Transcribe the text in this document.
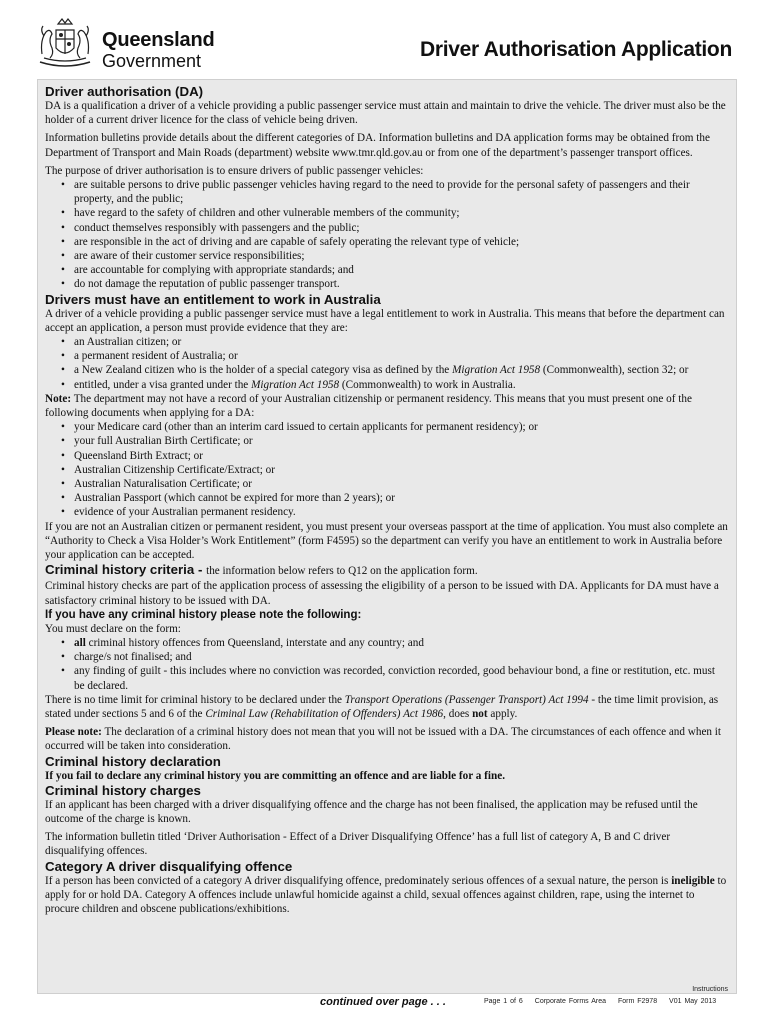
Queensland
Government	Driver Authorisation Application
Driver authorisation (DA)

DA is a qualification a driver of a vehicle providing a public passenger service must attain and maintain to drive the vehicle. The driver must also be the holder of a current driver licence for the class of vehicle being driven.

Information bulletins provide details about the different categories of DA. Information bulletins and DA application forms may be obtained from the Department of Transport and Main Roads (department) website www.tmr.qld.gov.au or from one of the department’s passenger transport offices.

The purpose of driver authorisation is to ensure drivers of public passenger vehicles:

• are suitable persons to drive public passenger vehicles having regard to the need to provide for the personal safety of passengers and their property, and the public;
• have regard to the safety of children and other vulnerable members of the community;
• conduct themselves responsibly with passengers and the public;
• are responsible in the act of driving and are capable of safely operating the relevant type of vehicle;
• are aware of their customer service responsibilities;
• are accountable for complying with appropriate standards; and
• do not damage the reputation of public passenger transport.
Drivers must have an entitlement to work in Australia

A driver of a vehicle providing a public passenger service must have a legal entitlement to work in Australia. This means that before the department can accept an application, a person must provide evidence that they are:

• an Australian citizen; or
• a permanent resident of Australia; or
• a New Zealand citizen who is the holder of a special category visa as defined by the Migration Act 1958 (Commonwealth), section 32; or
• entitled, under a visa granted under the Migration Act 1958 (Commonwealth) to work in Australia.

Note: The department may not have a record of your Australian citizenship or permanent residency. This means that you must present one of the following documents when applying for a DA:

• your Medicare card (other than an interim card issued to certain applicants for permanent residency); or
• your full Australian Birth Certificate; or
• Queensland Birth Extract; or
• Australian Citizenship Certificate/Extract; or
• Australian Naturalisation Certificate; or
• Australian Passport (which cannot be expired for more than 2 years); or
• evidence of your Australian permanent residency.

If you are not an Australian citizen or permanent resident, you must present your overseas passport at the time of application. You must also complete an “Authority to Check a Visa Holder’s Work Entitlement” (form F4595) so the department can verify you have an entitlement to work in Australia before your application can be accepted.

Criminal history criteria - the information below refers to Q12 on the application form.

Criminal history checks are part of the application process of assessing the eligibility of a person to be issued with DA. Applicants for DA must have a satisfactory criminal history to be issued with DA.

If you have any criminal history please note the following:

You must declare on the form:

• all criminal history offences from Queensland, interstate and any country; and
• charge/s not finalised; and
• any finding of guilt - this includes where no conviction was recorded, conviction recorded, good behaviour bond, a fine or restitution, etc. must be declared.

There is no time limit for criminal history to be declared under the Transport Operations (Passenger Transport) Act 1994 - the time limit provision, as stated under sections 5 and 6 of the Criminal Law (Rehabilitation of Offenders) Act 1986, does not apply.

Please note: The declaration of a criminal history does not mean that you will not be issued with a DA. The circumstances of each offence and when it occurred will be taken into consideration.

Criminal history declaration

If you fail to declare any criminal history you are committing an offence and are liable for a fine.

Criminal history charges

If an applicant has been charged with a driver disqualifying offence and the charge has not been finalised, the application may be refused until the outcome of the charge is known.

The information bulletin titled ‘Driver Authorisation - Effect of a Driver Disqualifying Offence’ has a full list of category A, B and C driver disqualifying offences.

Category A driver disqualifying offence

If a person has been convicted of a category A driver disqualifying offence, predominately serious offences of a sexual nature, the person is ineligible to apply for or hold DA. Category A offences include unlawful homicide against a child, sexual offences against children, rape, using the internet to procure children and obscene publications/exhibitions.

Instructions
continued over page . . .	Page 1 of 6 Corporate Forms Area Form F2978 V01 May 2013
